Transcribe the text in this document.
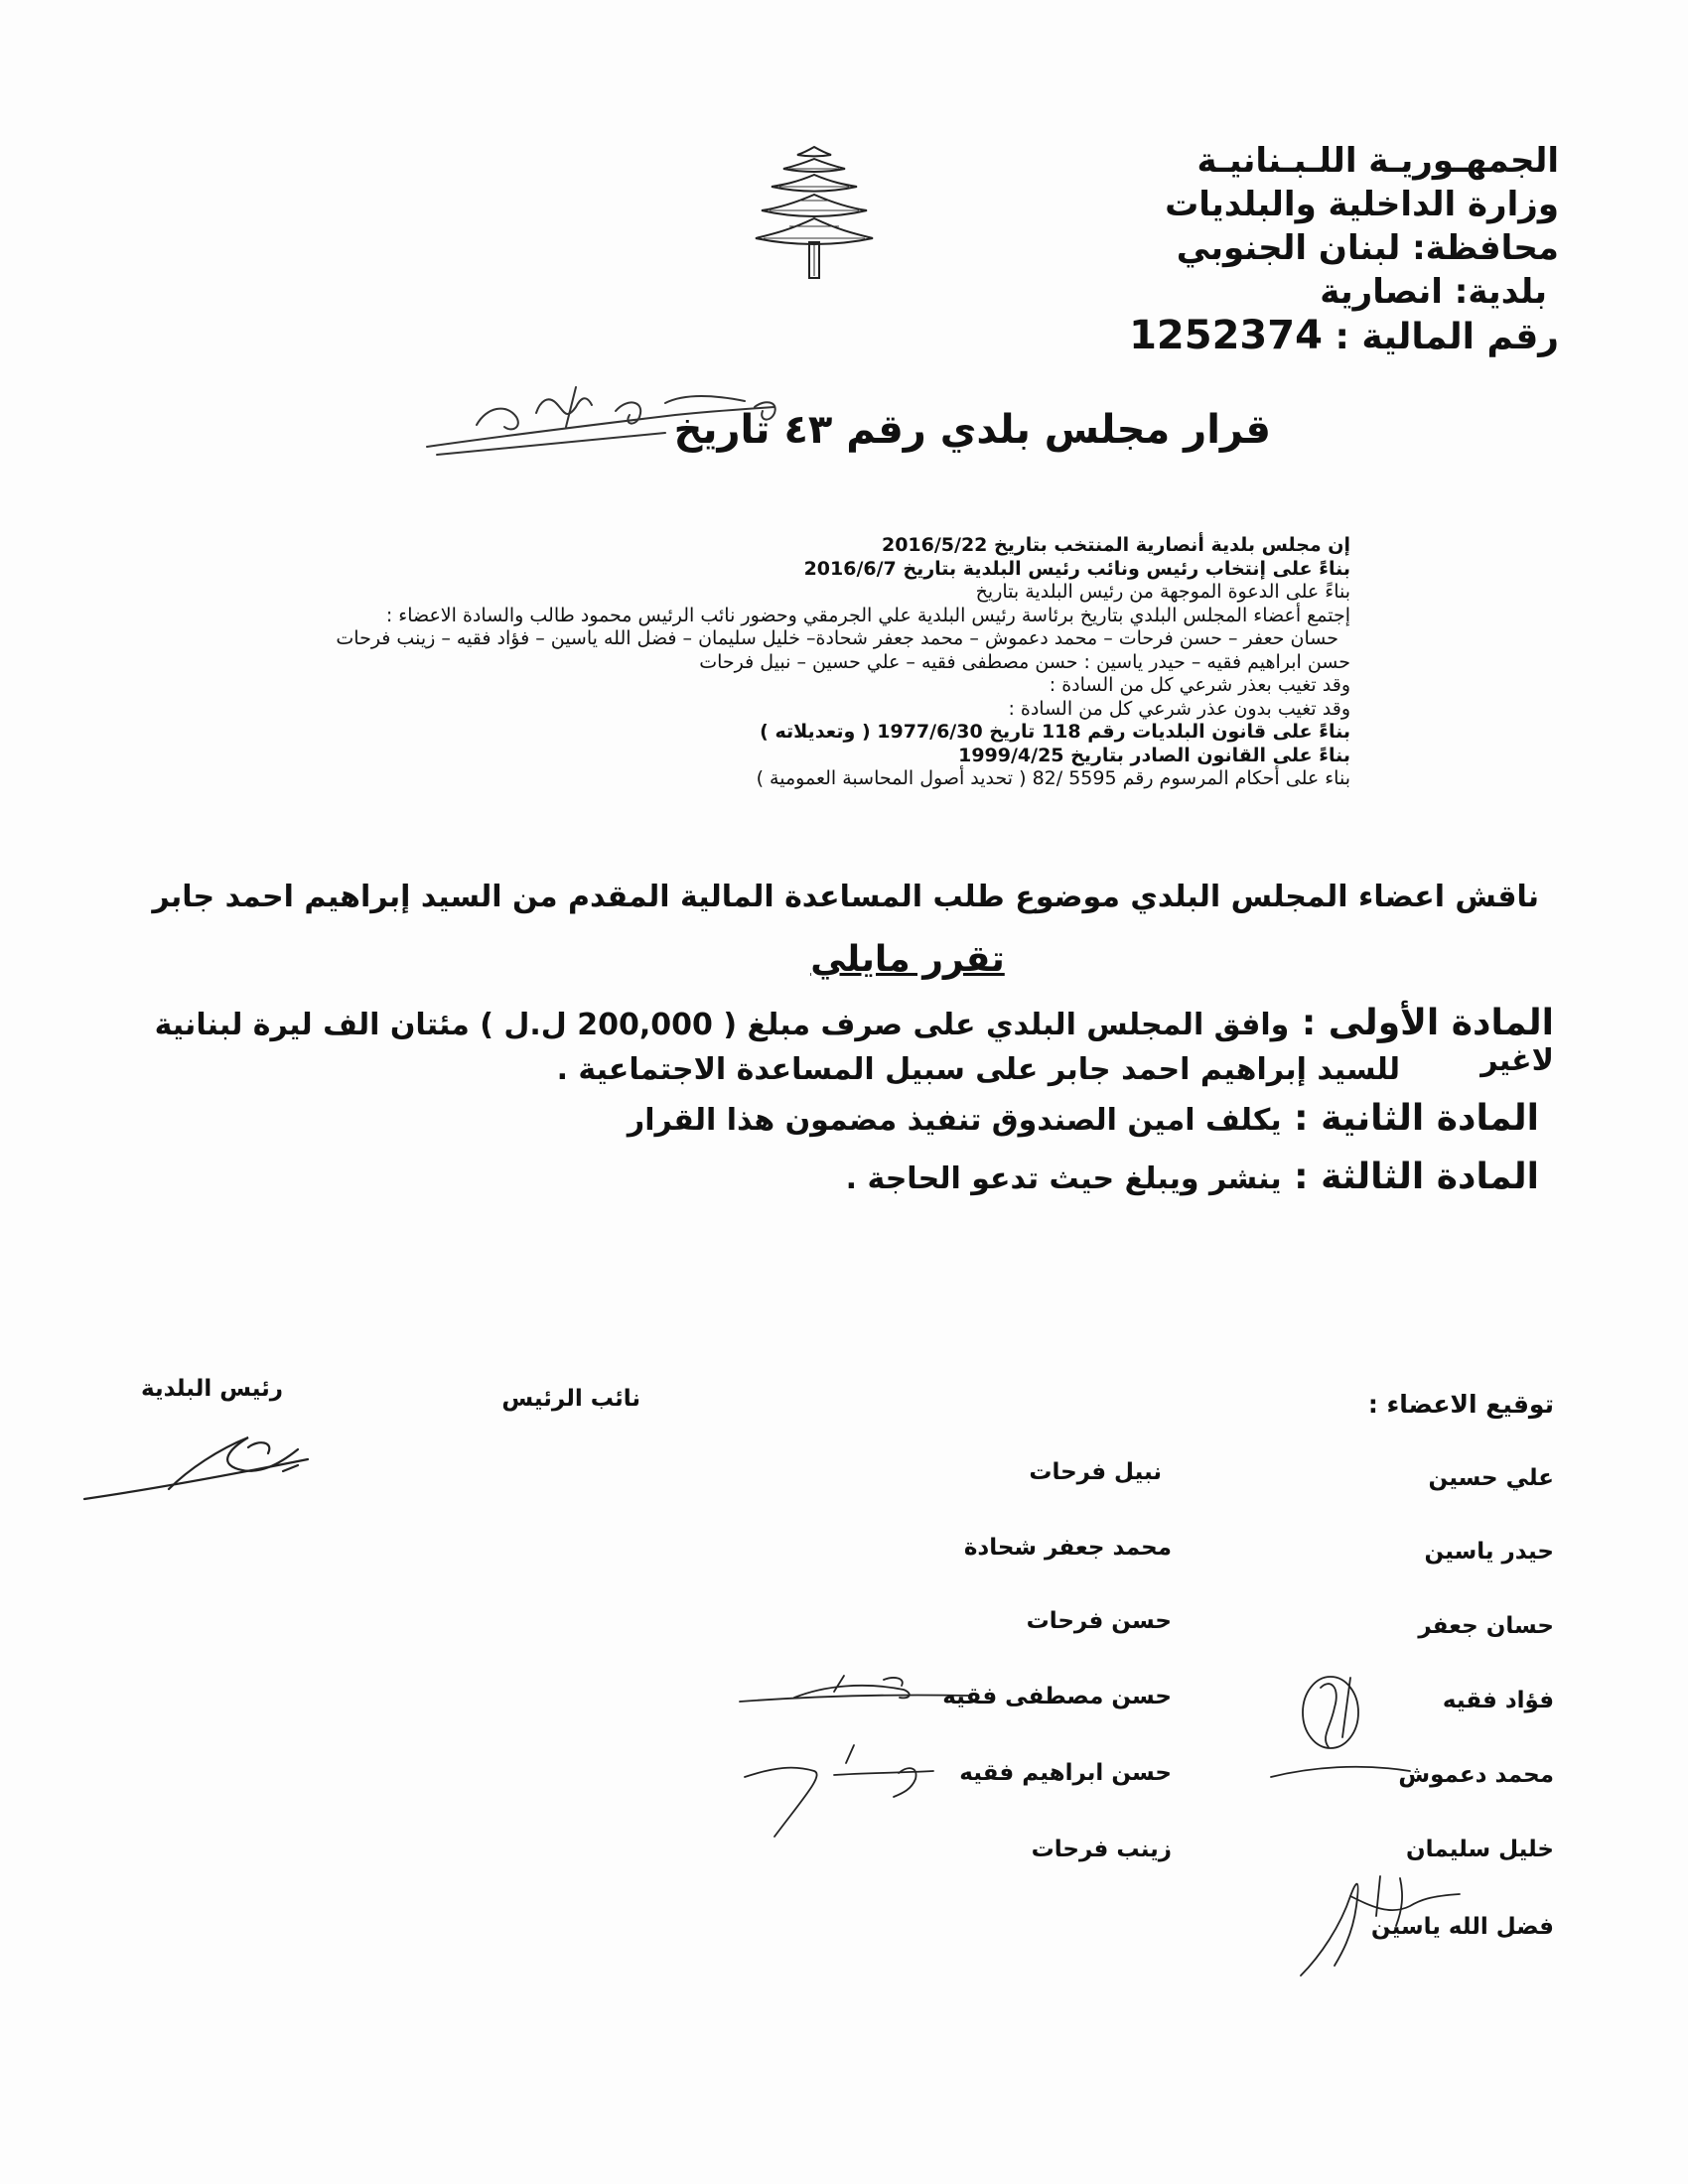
الجمهـوريـة اللـبـنانيـة

وزارة الداخلية والبلديات

محافظة: لبنان الجنوبي

بلدية: انصارية

رقم المالية : 1252374

قرار مجلس بلدي رقم ٤٣ تاريخ

إن مجلس بلدية أنصارية المنتخب بتاريخ 2016/5/22

بناءً على إنتخاب رئيس ونائب رئيس البلدية بتاريخ 2016/6/7

بناءً على الدعوة الموجهة من رئيس البلدية بتاريخ

إجتمع أعضاء المجلس البلدي بتاريخ برئاسة رئيس البلدية علي الجرمقي وحضور نائب الرئيس محمود طالب والسادة الاعضاء :

حسان حعفر – حسن فرحات – محمد دعموش – محمد جعفر شحادة– خليل سليمان – فضل الله ياسين – فؤاد فقيه – زينب فرحات

حسن ابراهيم فقيه – حيدر ياسين : حسن مصطفى فقيه – علي حسين – نبيل فرحات

وقد تغيب بعذر شرعي كل من السادة :

وقد تغيب بدون عذر شرعي كل من السادة :

بناءً على قانون البلديات رقم 118 تاريخ 1977/6/30 ( وتعديلاته )

بناءً على القانون الصادر بتاريخ 1999/4/25

بناء على أحكام المرسوم رقم 5595 /82 ( تحديد أصول المحاسبة العمومية )

ناقش اعضاء المجلس البلدي موضوع طلب المساعدة المالية المقدم من السيد إبراهيم احمد جابر
تقرر مايلي
المادة الأولى : وافق المجلس البلدي على صرف مبلغ ( 200,000 ل.ل ) مئتان الف ليرة لبنانية لاغير
للسيد إبراهيم احمد جابر على سبيل المساعدة الاجتماعية .
المادة الثانية : يكلف امين الصندوق تنفيذ مضمون هذا القرار
المادة الثالثة : ينشر ويبلغ حيث تدعو الحاجة .
رئيس البلدية	نائب الرئيس	توقيع الاعضاء :
علي حسين
حيدر ياسين
حسان جعفر
فؤاد فقيه
محمد دعموش
خليل سليمان
فضل الله ياسين
نبيل فرحات
محمد جعفر شحادة
حسن فرحات
حسن مصطفى فقيه
حسن ابراهيم فقيه
زينب فرحات
